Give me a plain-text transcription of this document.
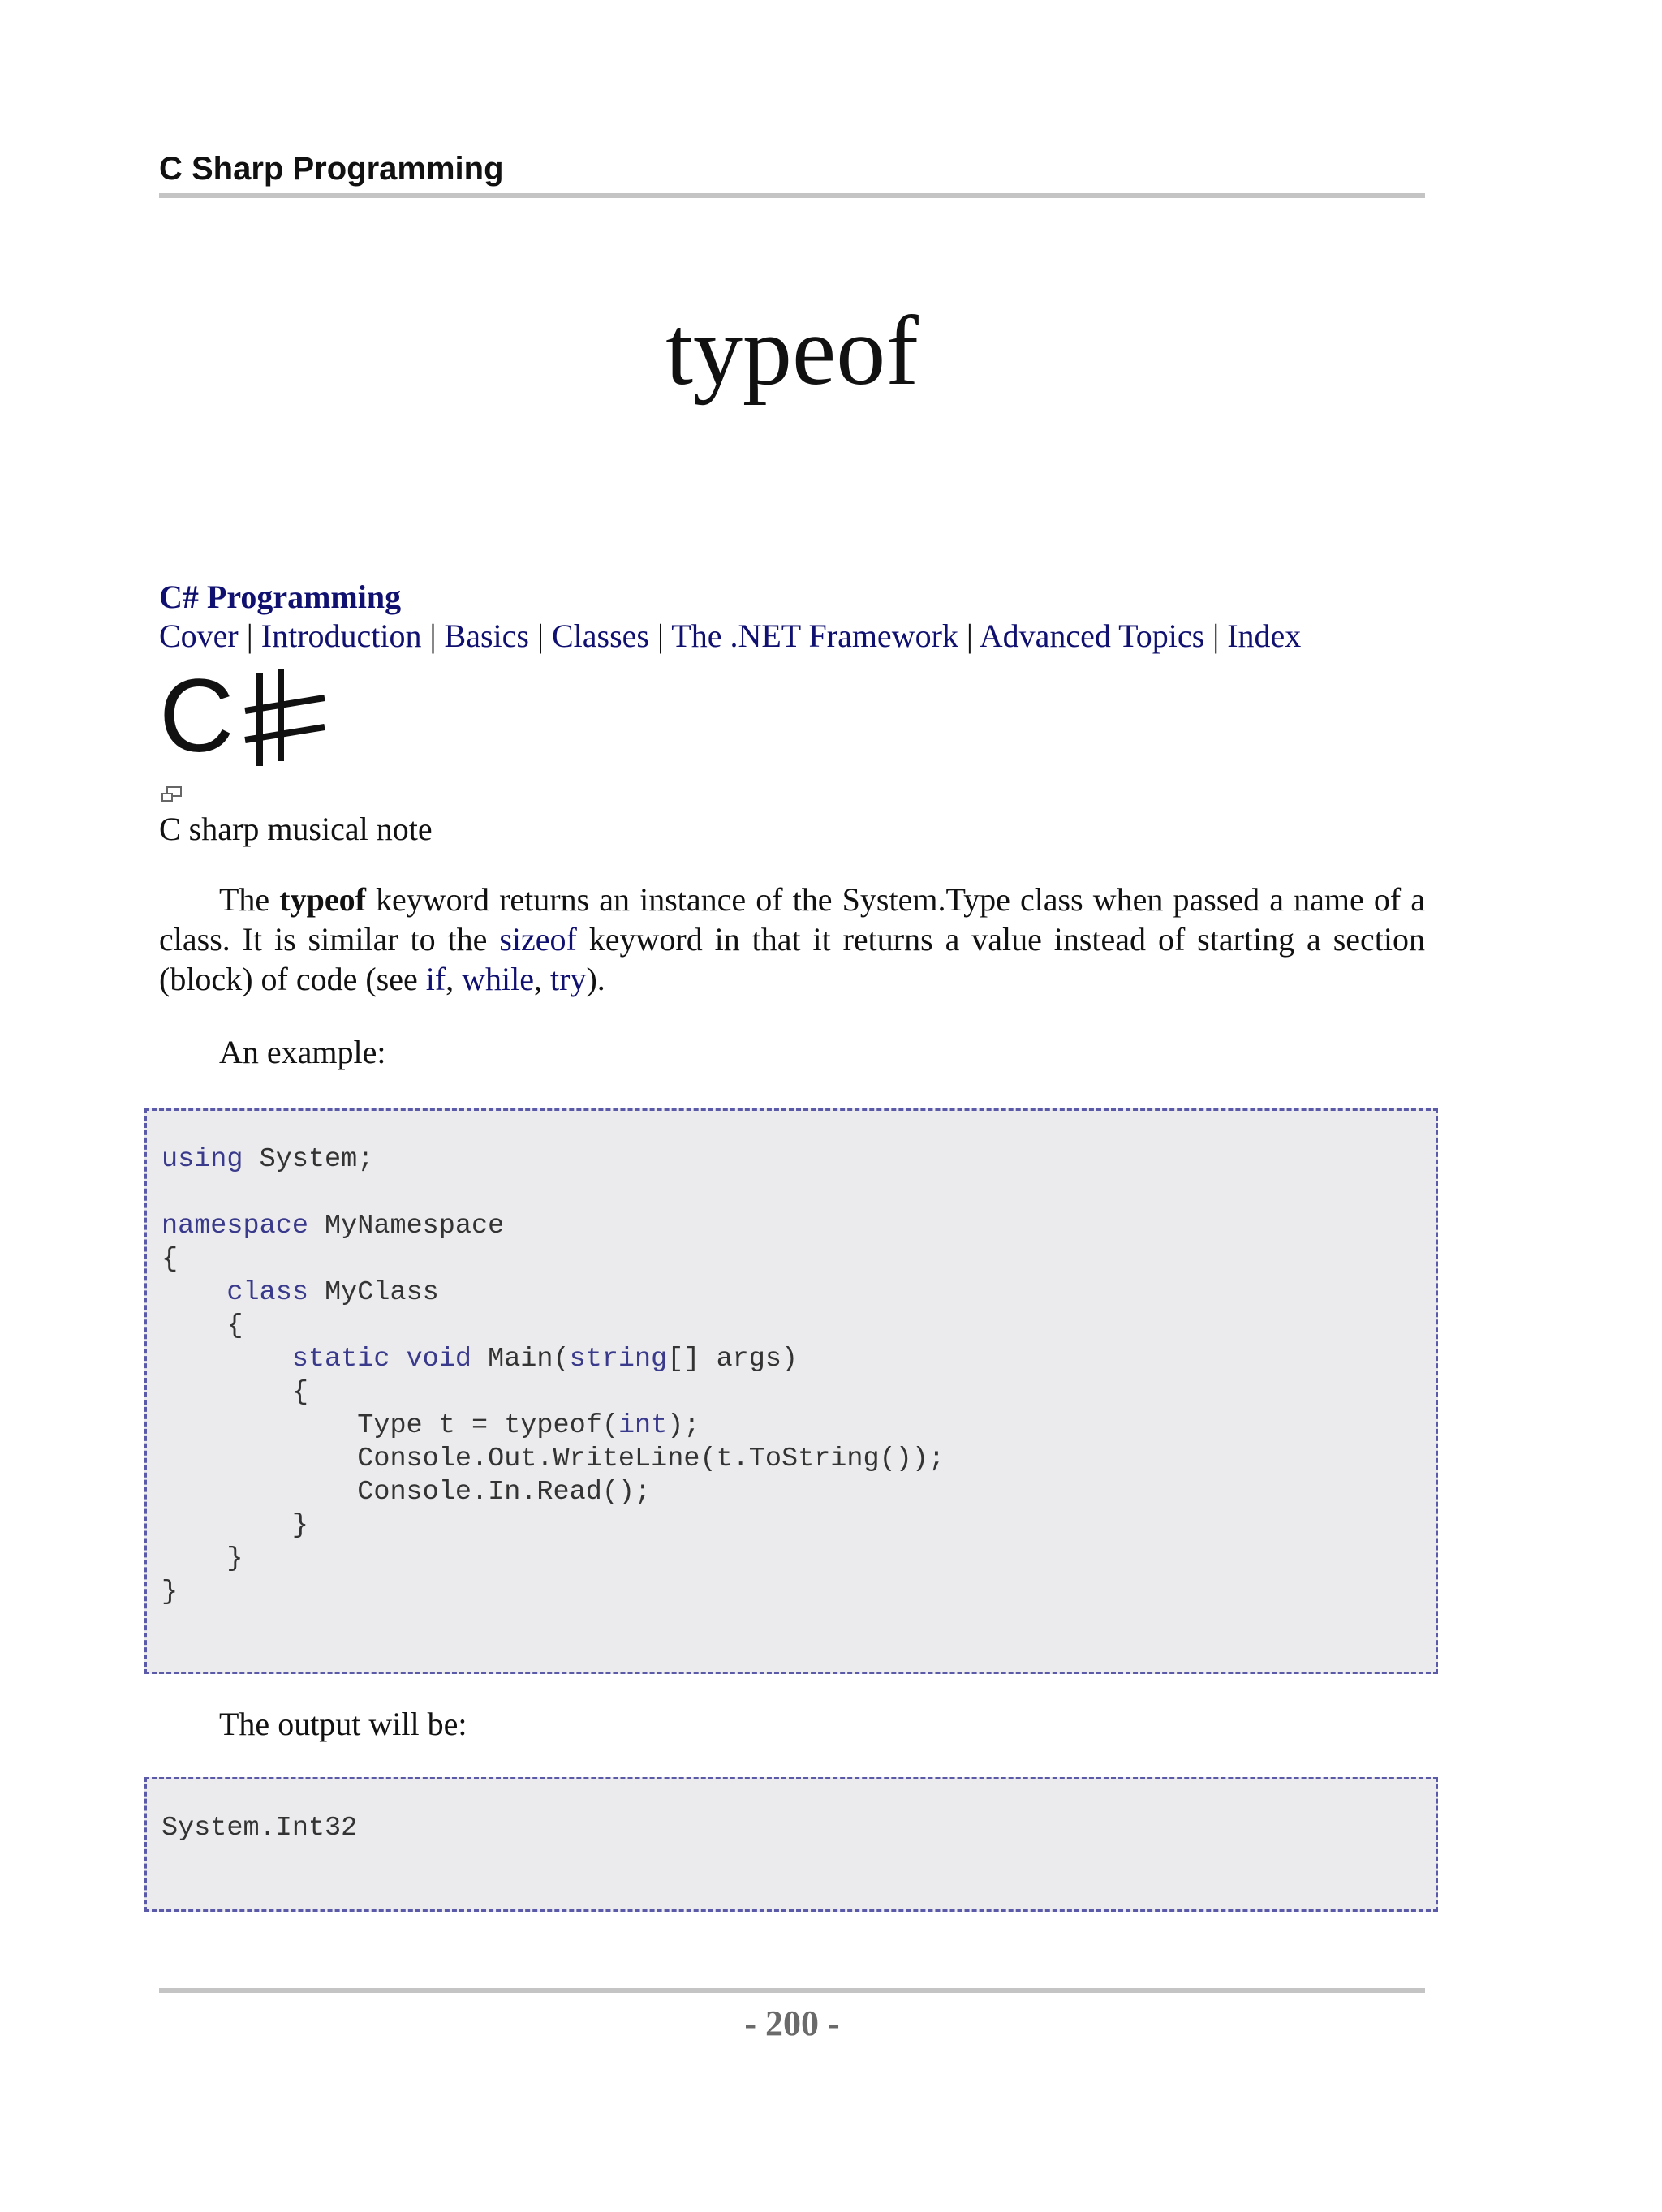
C Sharp Programming
typeof
C# Programming
Cover | Introduction | Basics | Classes | The .NET Framework | Advanced Topics | Index
C
C sharp musical note
The typeof keyword returns an instance of the System.Type class when passed a name of a class. It is similar to the sizeof keyword in that it returns a value instead of starting a section (block) of code (see if, while, try).
An example:
using System;

namespace MyNamespace
{
class MyClass
{
static void Main(string[] args)
{
Type t = typeof(int);
Console.Out.WriteLine(t.ToString());
Console.In.Read();
}
}
}
The output will be:
System.Int32
- 200 -
